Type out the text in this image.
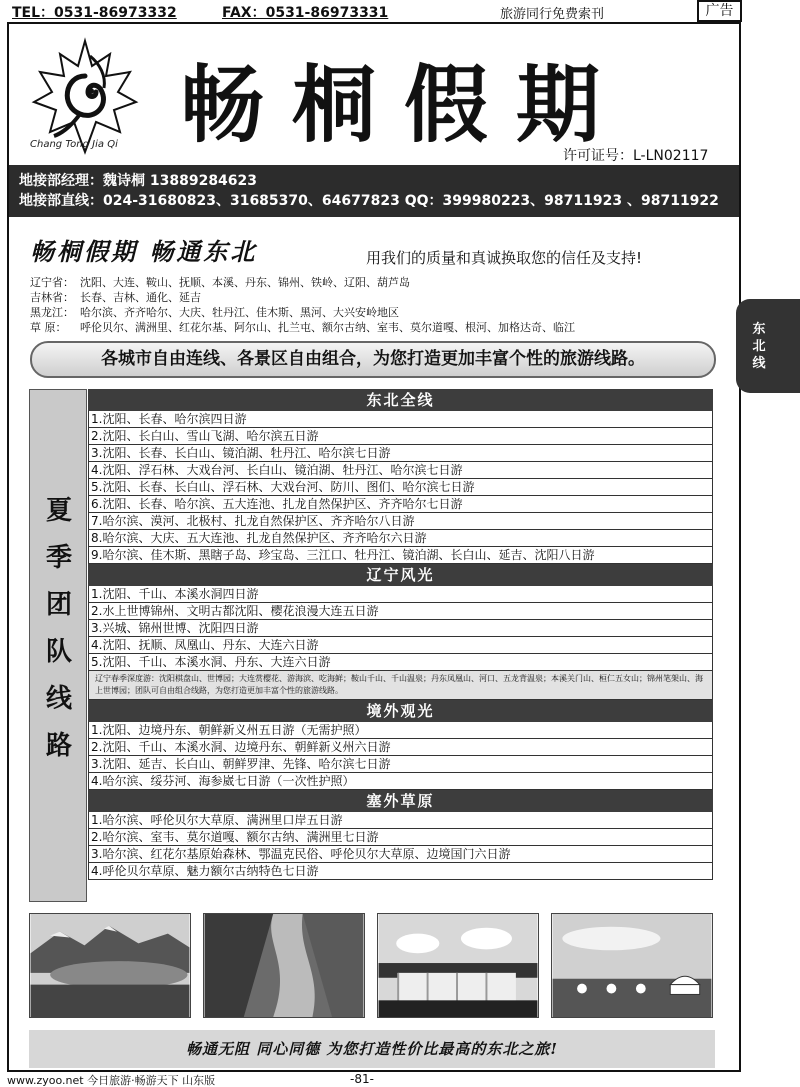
TEL：0531-86973332	FAX：0531-86973331	旅游同行免费索刊	广告
Chang Tong Jia Qi 畅桐假期
许可证号：L-LN02117
地接部经理：魏诗桐 13889284623
地接部直线：024-31680823、31685370、64677823 QQ：399980223、98711923 、98711922
畅桐假期 畅通东北	用我们的质量和真诚换取您的信任及支持!
辽宁省： 沈阳、大连、鞍山、抚顺、本溪、丹东、锦州、铁岭、辽阳、葫芦岛
吉林省： 长春、吉林、通化、延吉
黑龙江： 哈尔滨、齐齐哈尔、大庆、牡丹江、佳木斯、黑河、大兴安岭地区
草 原： 呼伦贝尔、满洲里、红花尔基、阿尔山、扎兰屯、额尔古纳、室韦、莫尔道嘎、根河、加格达奇、临江	东北线
各城市自由连线、各景区自由组合，为您打造更加丰富个性的旅游线路。
夏季团队线路
东北全线
1.沈阳、长春、哈尔滨四日游
2.沈阳、长白山、雪山飞湖、哈尔滨五日游
3.沈阳、长春、长白山、镜泊湖、牡丹江、哈尔滨七日游
4.沈阳、浮石林、大戏台河、长白山、镜泊湖、牡丹江、哈尔滨七日游
5.沈阳、长春、长白山、浮石林、大戏台河、防川、图们、哈尔滨七日游
6.沈阳、长春、哈尔滨、五大连池、扎龙自然保护区、齐齐哈尔七日游
7.哈尔滨、漠河、北极村、扎龙自然保护区、齐齐哈尔八日游
8.哈尔滨、大庆、五大连池、扎龙自然保护区、齐齐哈尔六日游
9.哈尔滨、佳木斯、黑瞎子岛、珍宝岛、三江口、牡丹江、镜泊湖、长白山、延吉、沈阳八日游
辽宁风光
1.沈阳、千山、本溪水洞四日游
2.水上世博锦州、文明古都沈阳、樱花浪漫大连五日游
3.兴城、锦州世博、沈阳四日游
4.沈阳、抚顺、凤凰山、丹东、大连六日游
5.沈阳、千山、本溪水洞、丹东、大连六日游
辽宁春季深度游：沈阳棋盘山、世博园；大连赏樱花、游海滨、吃海鲜；鞍山千山、千山温泉；丹东凤凰山、河口、五龙背温泉；本溪关门山、桓仁五女山；锦州笔架山、海上世博园；团队可自由组合线路，为您打造更加丰富个性的旅游线路。
境外观光
1.沈阳、边境丹东、朝鲜新义州五日游（无需护照）
2.沈阳、千山、本溪水洞、边境丹东、朝鲜新义州六日游
3.沈阳、延吉、长白山、朝鲜罗津、先锋、哈尔滨七日游
4.哈尔滨、绥芬河、海参崴七日游（一次性护照）
塞外草原
1.哈尔滨、呼伦贝尔大草原、满洲里口岸五日游
2.哈尔滨、室韦、莫尔道嘎、额尔古纳、满洲里七日游
3.哈尔滨、红花尔基原始森林、鄂温克民俗、呼伦贝尔大草原、边境国门六日游
4.呼伦贝尔草原、魅力额尔古纳特色七日游
畅通无阻 同心同德 为您打造性价比最高的东北之旅!
www.zyoo.net 今日旅游·畅游天下 山东版	-81-
